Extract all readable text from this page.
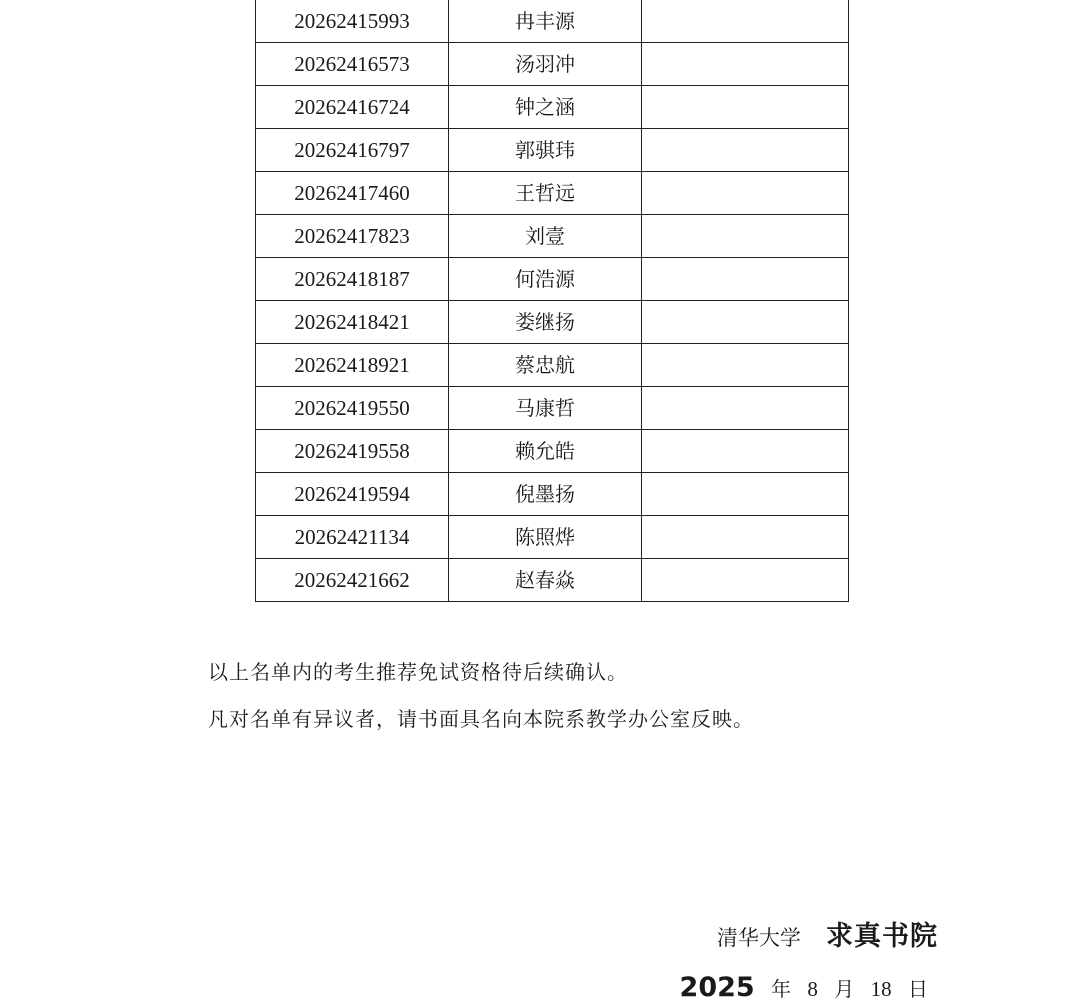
20262415993	冉丰源	
20262416573	汤羽冲	
20262416724	钟之涵	
20262416797	郭骐玮	
20262417460	王哲远	
20262417823	刘壹	
20262418187	何浩源	
20262418421	娄继扬	
20262418921	蔡忠航	
20262419550	马康哲	
20262419558	赖允皓	
20262419594	倪墨扬	
20262421134	陈照烨	
20262421662	赵春焱	
以上名单内的考生推荐免试资格待后续确认。
凡对名单有异议者，请书面具名向本院系教学办公室反映。
清华大学 求真书院
2025 年 8 月 18 日
